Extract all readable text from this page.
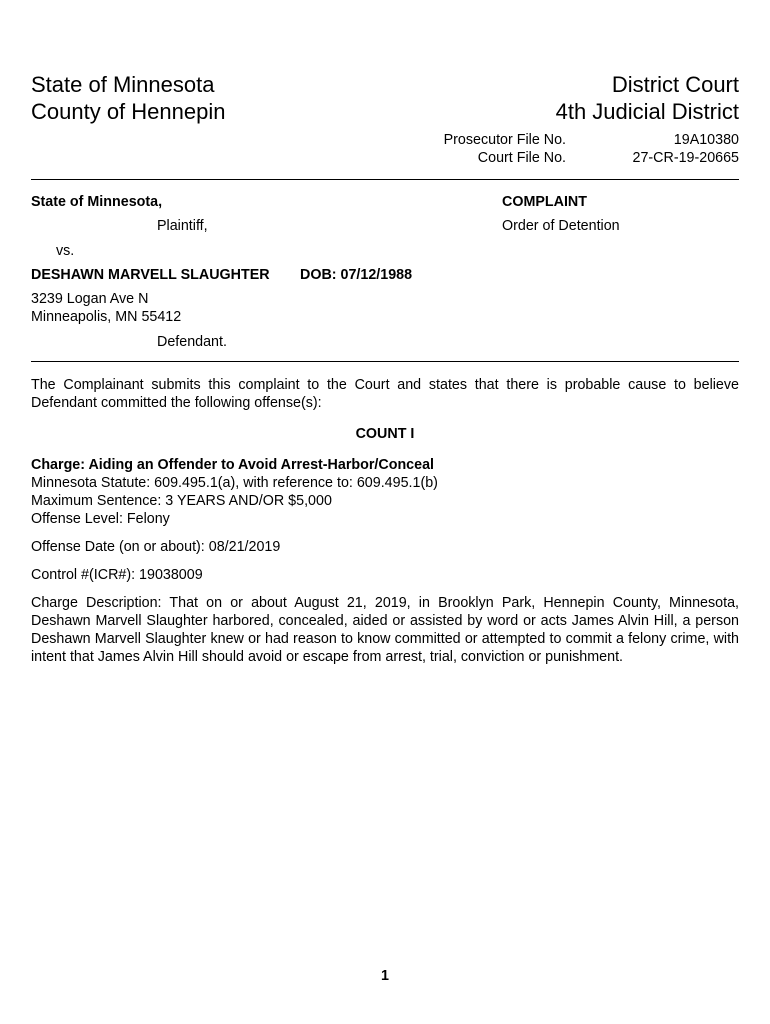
State of Minnesota
County of Hennepin
District Court
4th Judicial District
Prosecutor File No.	19A10380
Court File No.	27-CR-19-20665
State of Minnesota,
Plaintiff,
vs.
DESHAWN MARVELL SLAUGHTER DOB: 07/12/1988
3239 Logan Ave N
Minneapolis, MN 55412
Defendant.
COMPLAINT
Order of Detention
The Complainant submits this complaint to the Court and states that there is probable cause to believe Defendant committed the following offense(s):
COUNT I
Charge: Aiding an Offender to Avoid Arrest-Harbor/Conceal
Minnesota Statute: 609.495.1(a), with reference to: 609.495.1(b)
Maximum Sentence: 3 YEARS AND/OR $5,000
Offense Level: Felony
Offense Date (on or about): 08/21/2019
Control #(ICR#): 19038009
Charge Description: That on or about August 21, 2019, in Brooklyn Park, Hennepin County, Minnesota, Deshawn Marvell Slaughter harbored, concealed, aided or assisted by word or acts James Alvin Hill, a person Deshawn Marvell Slaughter knew or had reason to know committed or attempted to commit a felony crime, with intent that James Alvin Hill should avoid or escape from arrest, trial, conviction or punishment.
1
